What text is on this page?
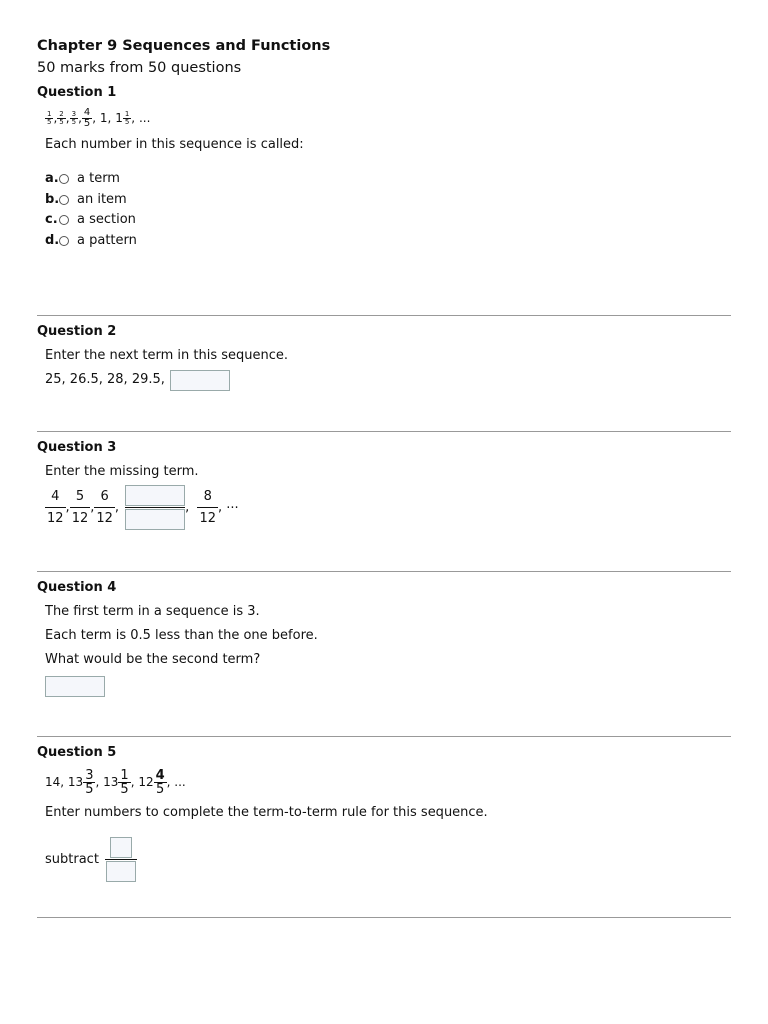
Chapter 9 Sequences and Functions
50 marks from 50 questions
Question 1
$\frac{1}{5}$ , $\frac{2}{5}$ , $\frac{3}{5}$ , $\frac{4}{5}$ , 1 , $1 \frac{1}{5}$ , ...
Each number in this sequence is called:
a. a term
b. an item
c. a section
d. a pattern
Question 2
Enter the next term in this sequence.
25, 26.5, 28, 29.5,
Question 3
Enter the missing term.
$\frac{4}{12}$ , $\frac{5}{12}$ , $\frac{6}{12}$ ,	, $\frac{8}{12}$ , ...
Question 4
The first term in a sequence is 3.
Each term is 0.5 less than the one before.
What would be the second term?
Question 5
14,
$13 \frac{3}{5}$ , $13 \frac{1}{5}$ , $12 \frac{4}{5}$ , ...
Enter numbers to complete the term-to-term rule for this sequence.
subtract
